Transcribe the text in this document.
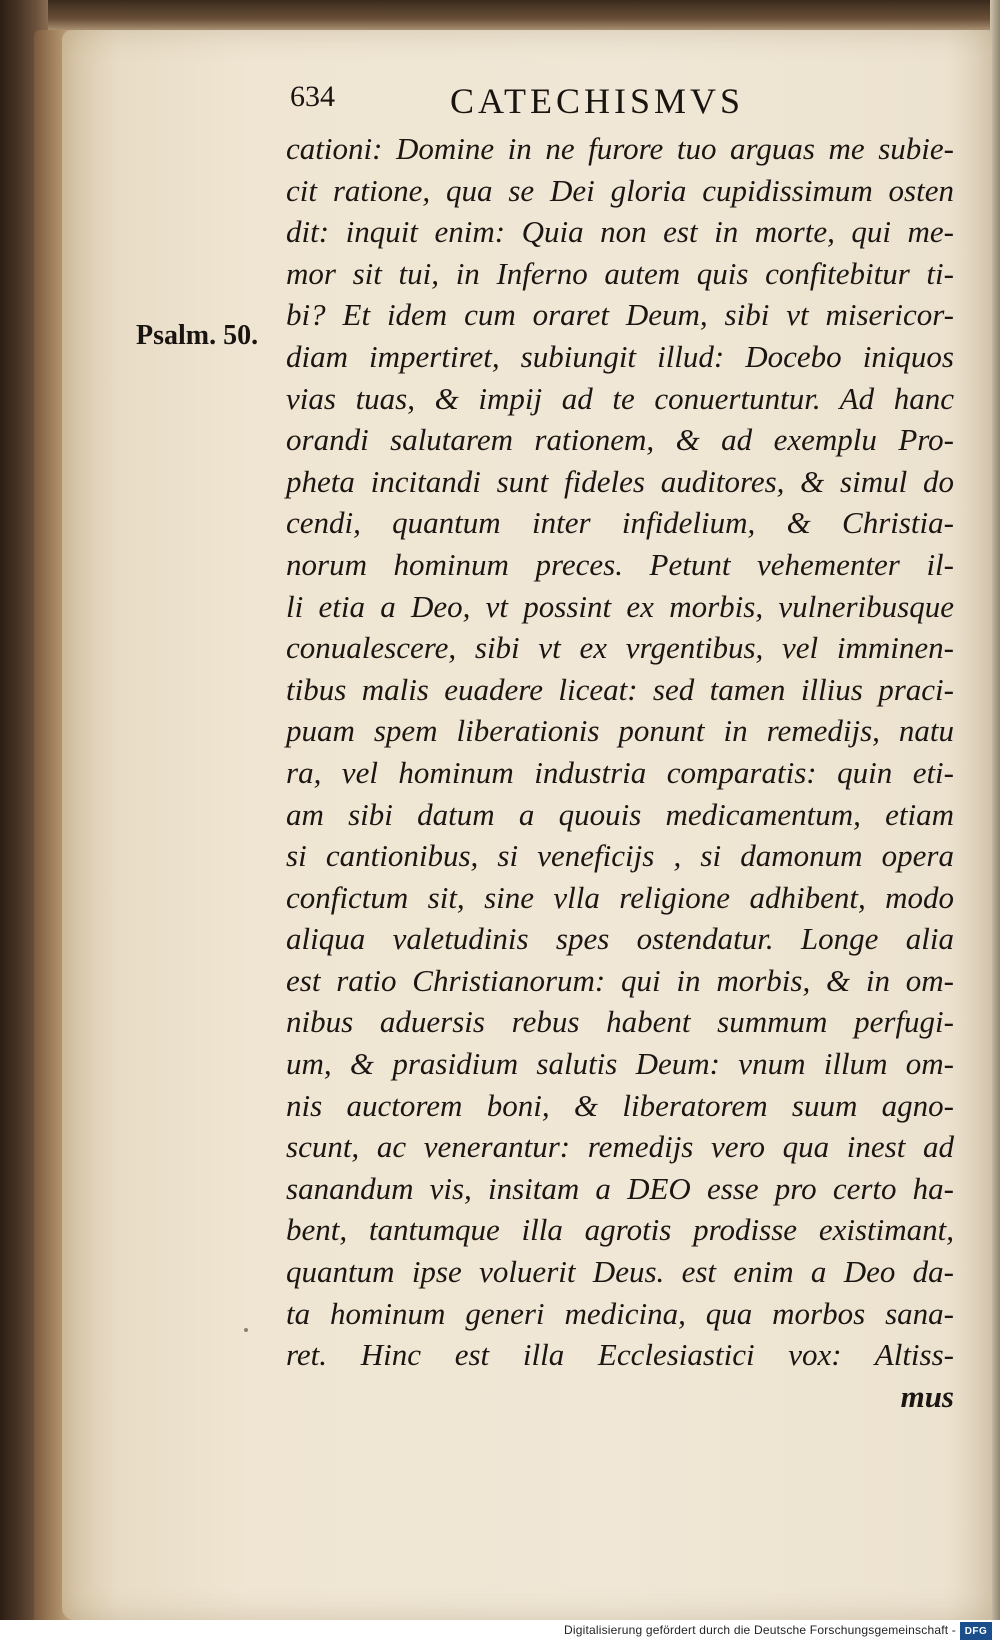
634	CATECHISMVS
Psalm. 50.
cationi: Domine in ne furore tuo arguas me subie-
cit ratione, qua se Dei gloria cupidissimum osten
dit: inquit enim: Quia non est in morte, qui me-
mor sit tui, in Inferno autem quis confitebitur ti-
bi? Et idem cum oraret Deum, sibi vt misericor-
diam impertiret, subiungit illud: Docebo iniquos
vias tuas, & impij ad te conuertuntur. Ad hanc
orandi salutarem rationem, & ad exemplu Pro-
pheta incitandi sunt fideles auditores, & simul do
cendi, quantum inter infidelium, & Christia-
norum hominum preces. Petunt vehementer il-
li etia a Deo, vt possint ex morbis, vulneribusque
conualescere, sibi vt ex vrgentibus, vel imminen-
tibus malis euadere liceat: sed tamen illius praci-
puam spem liberationis ponunt in remedijs, natu
ra, vel hominum industria comparatis: quin eti-
am sibi datum a quouis medicamentum, etiam
si cantionibus, si veneficijs , si damonum opera
confictum sit, sine vlla religione adhibent, modo
aliqua valetudinis spes ostendatur. Longe alia
est ratio Christianorum: qui in morbis, & in om-
nibus aduersis rebus habent summum perfugi-
um, & prasidium salutis Deum: vnum illum om-
nis auctorem boni, & liberatorem suum agno-
scunt, ac venerantur: remedijs vero qua inest ad
sanandum vis, insitam a DEO esse pro certo ha-
bent, tantumque illa agrotis prodisse existimant,
quantum ipse voluerit Deus. est enim a Deo da-
ta hominum generi medicina, qua morbos sana-
ret. Hinc est illa Ecclesiastici vox: Altiss-
mus
Digitalisierung gefördert durch die Deutsche Forschungsgemeinschaft - DFG
